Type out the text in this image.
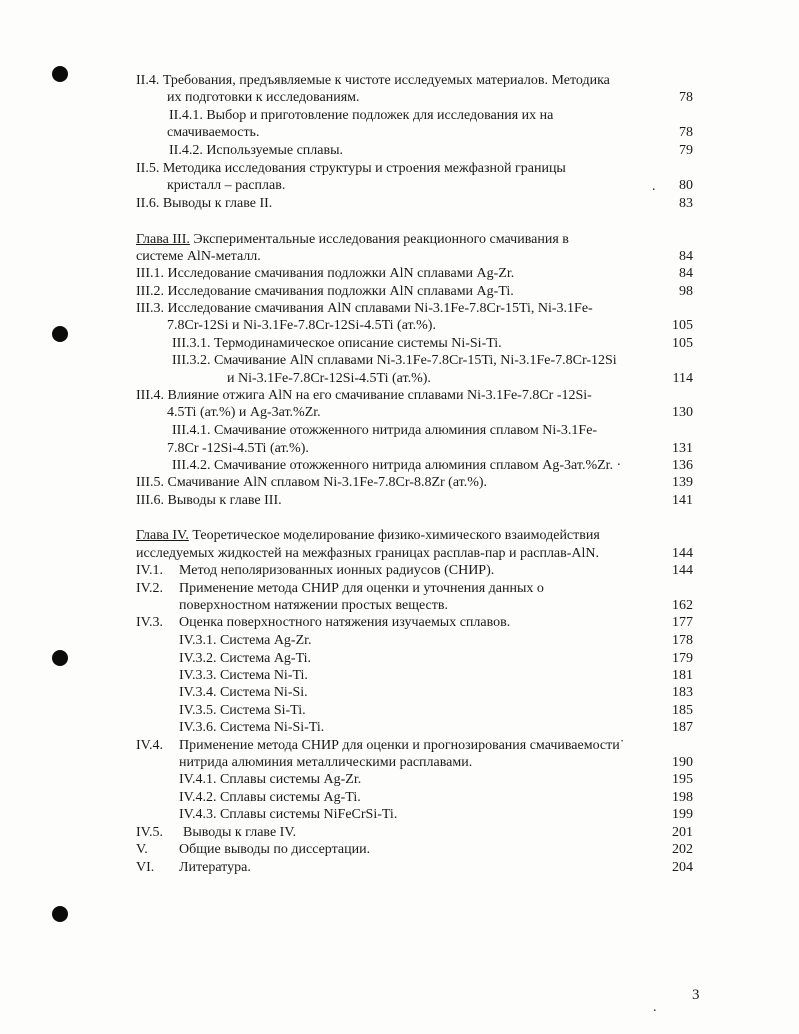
II.4. Требования, предъявляемые к чистоте исследуемых материалов. Методика
их подготовки к исследованиям.	78
II.4.1. Выбор и приготовление подложек для исследования их на
смачиваемость.	78
II.4.2. Используемые сплавы.	79
II.5. Методика исследования структуры и строения межфазной границы
кристалл – расплав.	80
II.6. Выводы к главе II.	83
Глава III. Экспериментальные исследования реакционного смачивания в
системе AlN-металл.	84
III.1. Исследование смачивания подложки AlN сплавами Ag-Zr.	84
III.2. Исследование смачивания подложки AlN сплавами Ag-Ti.	98
III.3. Исследование смачивания AlN сплавами Ni-3.1Fe-7.8Cr-15Ti, Ni-3.1Fe-
7.8Cr-12Si и Ni-3.1Fe-7.8Cr-12Si-4.5Ti (ат.%).	105
III.3.1. Термодинамическое описание системы Ni-Si-Ti.	105
III.3.2. Смачивание AlN сплавами Ni-3.1Fe-7.8Cr-15Ti, Ni-3.1Fe-7.8Cr-12Si
и Ni-3.1Fe-7.8Cr-12Si-4.5Ti (ат.%).	114
III.4. Влияние отжига AlN на его смачивание сплавами Ni-3.1Fe-7.8Cr -12Si-
4.5Ti (ат.%) и Ag-3ат.%Zr.	130
III.4.1. Смачивание отожженного нитрида алюминия сплавом Ni-3.1Fe-
7.8Cr -12Si-4.5Ti (ат.%).	131
III.4.2. Смачивание отожженного нитрида алюминия сплавом Ag-3ат.%Zr. ·	136
III.5. Смачивание AlN сплавом Ni-3.1Fe-7.8Cr-8.8Zr (ат.%).	139
III.6. Выводы к главе III.	141
Глава IV. Теоретическое моделирование физико-химического взаимодействия
исследуемых жидкостей на межфазных границах расплав-пар и расплав-AlN.	144
IV.1. Метод неполяризованных ионных радиусов (СНИР).	144
IV.2. Применение метода СНИР для оценки и уточнения данных о
поверхностном натяжении простых веществ.	162
IV.3. Оценка поверхностного натяжения изучаемых сплавов.	177
IV.3.1. Система Ag-Zr.	178
IV.3.2. Система Ag-Ti.	179
IV.3.3. Система Ni-Ti.	181
IV.3.4. Система Ni-Si.	183
IV.3.5. Система Si-Ti.	185
IV.3.6. Система Ni-Si-Ti.	187
IV.4. Применение метода СНИР для оценки и прогнозирования смачиваемости˙
нитрида алюминия металлическими расплавами.	190
IV.4.1. Сплавы системы Ag-Zr.	195
IV.4.2. Сплавы системы Ag-Ti.	198
IV.4.3. Сплавы системы NiFeCrSi-Ti.	199
IV.5. Выводы к главе IV.	201
V. Общие выводы по диссертации.	202
VI. Литература.	204
3
.
.
